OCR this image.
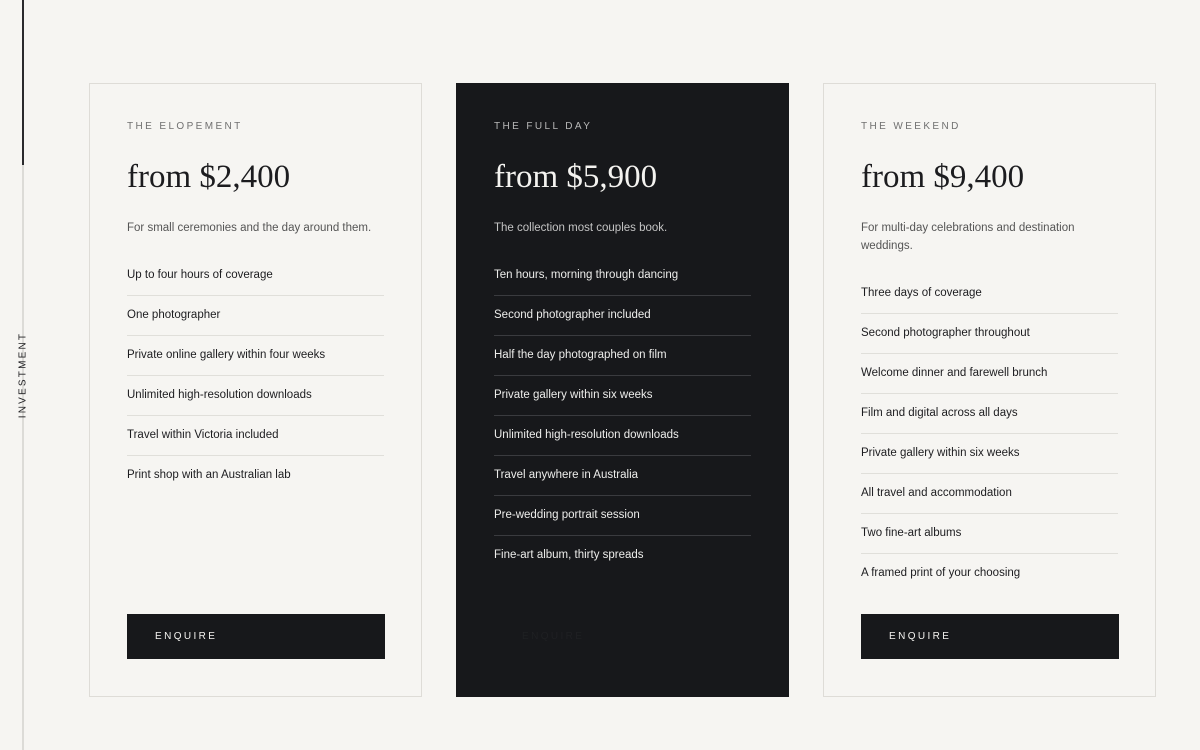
INVESTMENT
THE ELOPEMENT
from $2,400
For small ceremonies and the day around them.
Up to four hours of coverage
One photographer
Private online gallery within four weeks
Unlimited high-resolution downloads
Travel within Victoria included
Print shop with an Australian lab
ENQUIRE
THE FULL DAY
from $5,900
The collection most couples book.
Ten hours, morning through dancing
Second photographer included
Half the day photographed on film
Private gallery within six weeks
Unlimited high-resolution downloads
Travel anywhere in Australia
Pre-wedding portrait session
Fine-art album, thirty spreads
ENQUIRE
THE WEEKEND
from $9,400
For multi-day celebrations and destination weddings.
Three days of coverage
Second photographer throughout
Welcome dinner and farewell brunch
Film and digital across all days
Private gallery within six weeks
All travel and accommodation
Two fine-art albums
A framed print of your choosing
ENQUIRE
